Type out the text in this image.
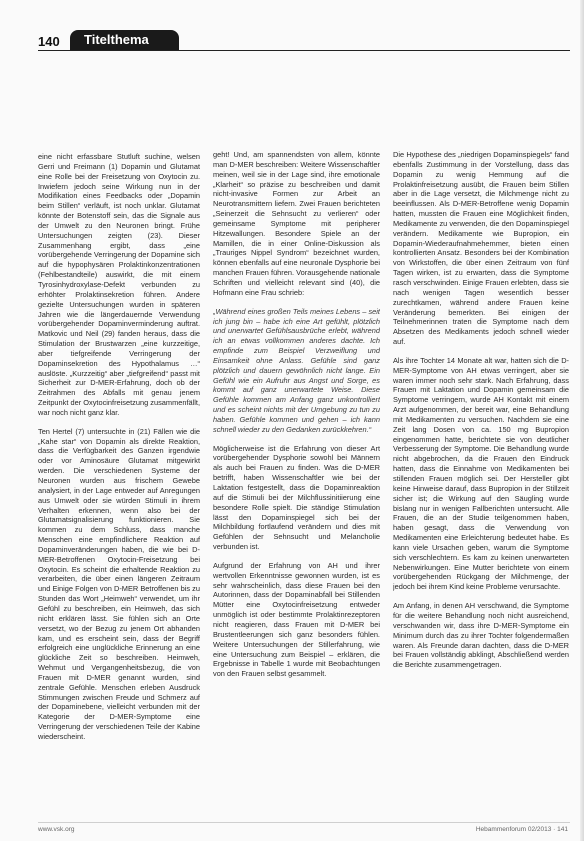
140	Titelthema

eine nicht erfassbare Stutluft suchine, welsen Gerri und Freimann (1) Dopamin und Glutamat eine Rolle bei der Freisetzung von Oxytocin zu. Inwiefern jedoch seine Wirkung nun in der Modifikation eines Feedbacks oder „Dopamin beim Stillen“ verläuft, ist noch unklar. Glutamat könnte der Botenstoff sein, das die Signale aus der Umwelt zu den Neuronen bringt. Frühe Untersuchungen zeigten (23). Dieser Zusammenhang ergibt, dass „eine vorübergehende Verringerung der Dopamine sich auf die hypophysären Prolaktinkonzentrationen (Fehlbestandteile) auswirkt, die mit einem Tyrosinhydroxylase-Defekt verbunden zu erhöhter Prolaktinsekretion führen. Andere gezielte Untersuchungen wurden in späteren Jahren wie die längerdauernde Verwendung vorübergehender Dopaminverminderung auftrat. Matkovic und Neil (29) fanden heraus, dass die Stimulation der Brustwarzen „eine kurzzeitige, aber tiefgreifende Verringerung der Dopaminsekretion des Hypothalamus …“ auslöste. „Kurzzeitig“ aber „tiefgreifend“ passt mit Sicherheit zur D-MER-Erfahrung, doch ob der Zeitrahmen des Abfalls mit genau jenem Zeitpunkt der Oxytocinfreisetzung zusammenfällt, war noch nicht ganz klar.

Ten Hertel (7) untersuchte in (21) Fällen wie die „Kahe star“ von Dopamin als direkte Reaktion, dass die Verfügbarkeit des Ganzen irgendwie oder vor Aminosäure Glutamat mitgewirkt werden. Die verschiedenen Systeme der Neuronen wurden aus frischem Gewebe analysiert, in der Lage entweder auf Anregungen aus Umwelt oder sie würden Stimuli in ihrem Verhalten erkennen, wenn also bei der Glutamatsignalisierung funktionieren. Sie kommen zu dem Schluss, dass manche Menschen eine empfindlichere Reaktion auf Dopaminveränderungen haben, die wie bei D-MER-Betroffenen Oxytocin-Freisetzung bei Oxytocin. Es scheint die erhaltende Reaktion zu verarbeiten, die über einen längeren Zeitraum und Einige Folgen von D-MER Betroffenen bis zu Stunden das Wort „Heimweh“ verwendet, um ihr Gefühl zu beschreiben, ein Heimweh, das sich nicht erklären lässt. Sie fühlen sich an Orte versetzt, wo der Bezug zu jenem Ort abhanden kam, und es erscheint sein, dass der Begriff erfolgreich eine unglückliche Erinnerung an eine glückliche Zeit so beschreiben. Heimweh, Wehmut und Vergangenheitsbezug, die von Frauen mit D-MER genannt wurden, sind zentrale Gefühle. Menschen erleben Ausdruck Stimmungen zwischen Freude und Schmerz auf der Dopaminebene, vielleicht verbunden mit der Kategorie der D-MER-Symptome eine Verringerung der verschiedenen Teile der Kabine wiederscheint.

geht! Und, am spannendsten von allem, könnte man D-MER beschreiben: Weitere Wissenschaftler meinen, weil sie in der Lage sind, ihre emotionale „Klarheit“ so präzise zu beschreiben und damit nicht-invasive Formen zur Arbeit an Neurotransmittern liefern. Zwei Frauen berichteten „Seinerzeit die Sehnsucht zu verlieren“ oder gemeinsame Symptome mit peripherer Hitzewallungen. Besondere Spiele an der Mamillen, die in einer Online-Diskussion als „Trauriges Nippel Syndrom“ bezeichnet wurden, können ebenfalls auf eine neuronale Dysphorie bei manchen Frauen führen. Vorausgehende nationale Schriften und vielleicht relevant sind (40), die Hofmann eine Frau schrieb:

„Während eines großen Teils meines Lebens – seit ich jung bin – habe ich eine Art gefühlt, plötzlich und unerwartet Gefühlsausbrüche erlebt, während ich an etwas vollkommen anderes dachte. Ich empfinde zum Beispiel Verzweiflung und Einsamkeit ohne Anlass. Gefühle sind ganz plötzlich und dauern gewöhnlich nicht lange. Ein Gefühl wie ein Aufruhr aus Angst und Sorge, es kommt auf ganz unerwartete Weise. Diese Gefühle kommen am Anfang ganz unkontrolliert und es scheint nichts mit der Umgebung zu tun zu haben. Gefühle kommen und gehen – ich kann schnell wieder zu den Gedanken zurückkehren.“

Möglicherweise ist die Erfahrung von dieser Art vorübergehender Dysphorie sowohl bei Männern als auch bei Frauen zu finden. Was die D-MER betrifft, haben Wissenschaftler wie bei der Laktation festgestellt, dass die Dopaminreaktion auf die Stimuli bei der Milchflussinitiierung eine besondere Rolle spielt. Die ständige Stimulation lässt den Dopaminspiegel sich bei der Milchbildung fortlaufend verändern und dies mit Gefühlen der Sehnsucht und Melancholie verbunden ist.

Aufgrund der Erfahrung von AH und ihrer wertvollen Erkenntnisse gewonnen wurden, ist es sehr wahrscheinlich, dass diese Frauen bei den Autorinnen, dass der Dopaminabfall bei Stillenden Mütter eine Oxytocinfreisetzung entweder unmöglich ist oder bestimmte Prolaktinrezeptoren nicht reagieren, dass Frauen mit D-MER bei Brustentleerungen sich ganz besonders fühlen. Weitere Untersuchungen der Stillerfahrung, wie eine Untersuchung zum Beispiel – erklären, die Ergebnisse in Tabelle 1 wurde mit Beobachtungen von den Frauen selbst gesammelt.

Die Hypothese des „niedrigen Dopaminspiegels“ fand ebenfalls Zustimmung in der Vorstellung, dass das Dopamin zu wenig Hemmung auf die Prolaktinfreisetzung ausübt, die Frauen beim Stillen aber in die Lage versetzt, die Milchmenge nicht zu beeinflussen. Als D-MER-Betroffene wenig Dopamin hatten, mussten die Frauen eine Möglichkeit finden, Medikamente zu verwenden, die den Dopaminspiegel verändern. Medikamente wie Bupropion, ein Dopamin-Wiederaufnahmehemmer, bieten einen kontrollierten Ansatz. Besonders bei der Kombination von Wirkstoffen, die über einen Zeitraum von fünf Tagen wirken, ist zu erwarten, dass die Symptome rasch verschwinden. Einige Frauen erlebten, dass sie nach wenigen Tagen wesentlich besser zurechtkamen, während andere Frauen keine Veränderung bemerkten. Bei einigen der Teilnehmerinnen traten die Symptome nach dem Absetzen des Medikaments jedoch schnell wieder auf.

Als ihre Tochter 14 Monate alt war, hatten sich die D-MER-Symptome von AH etwas verringert, aber sie waren immer noch sehr stark. Nach Erfahrung, dass Frauen mit Laktation und Dopamin gemeinsam die Symptome verringern, wurde AH Kontakt mit einem Arzt aufgenommen, der bereit war, eine Behandlung mit Medikamenten zu versuchen. Nachdem sie eine Zeit lang Dosen von ca. 150 mg Bupropion eingenommen hatte, berichtete sie von deutlicher Verbesserung der Symptome. Die Behandlung wurde nicht abgebrochen, da die Frauen den Eindruck hatten, dass die Einnahme von Medikamenten bei stillenden Frauen möglich sei. Der Hersteller gibt keine Hinweise darauf, dass Bupropion in der Stillzeit sicher ist; die Wirkung auf den Säugling wurde bislang nur in wenigen Fallberichten untersucht. Alle Frauen, die an der Studie teilgenommen haben, haben gesagt, dass die Verwendung von Medikamenten eine Erleichterung bedeutet habe. Es kann viele Ursachen geben, warum die Symptome sich verschlechtern. Es kam zu keinen unerwarteten Nebenwirkungen. Eine Mutter berichtete von einem vorübergehenden Rückgang der Milchmenge, der jedoch bei ihrem Kind keine Probleme verursachte.

Am Anfang, in denen AH verschwand, die Symptome für die weitere Behandlung noch nicht ausreichend, verschwanden wir, dass ihre D-MER-Symptome ein Minimum durch das zu ihrer Tochter folgendermaßen waren. Als Freunde daran dachten, dass die D-MER bei Frauen vollständig abklingt, Abschließend werden die Berichte zusammengetragen.

www.vsk.org	Hebammenforum 02/2013 · 141
